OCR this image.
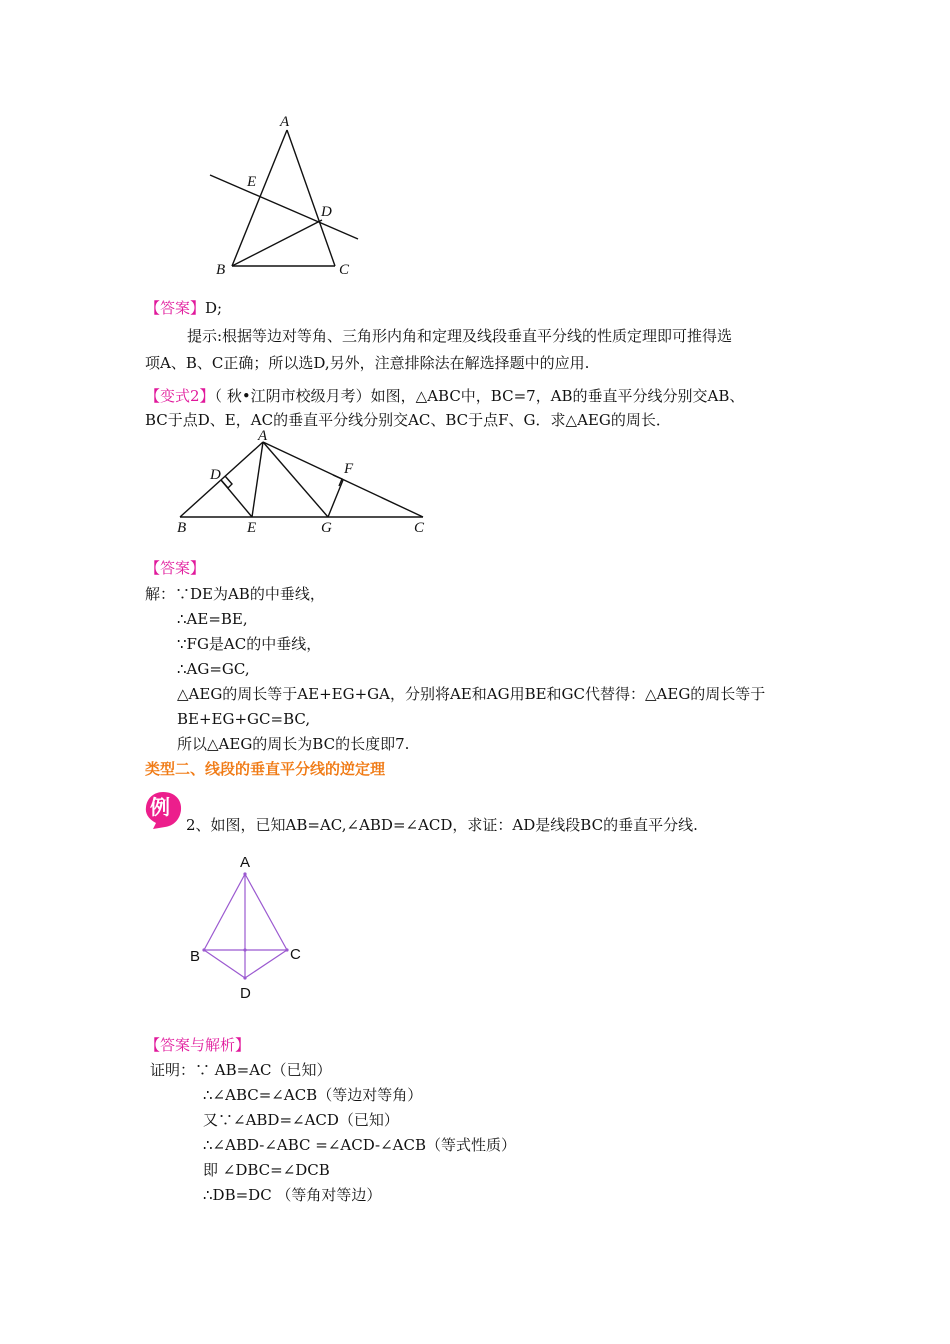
A
E
D
B	C
【答案】D;
提示:根据等边对等角、三角形内角和定理及线段垂直平分线的性质定理即可推得选
项A、B、C正确；所以选D,另外，注意排除法在解选择题中的应用.
【变式2】（ 秋•江阴市校级月考）如图，△ABC中，BC=7，AB的垂直平分线分别交AB、
BC于点D、E，AC的垂直平分线分别交AC、BC于点F、G．求△AEG的周长．
A
D	F
B	E	G	C
【答案】
解：∵DE为AB的中垂线，
∴AE=BE,
∵FG是AC的中垂线，
∴AG=GC,
△AEG的周长等于AE+EG+GA，分别将AE和AG用BE和GC代替得：△AEG的周长等于
BE+EG+GC=BC,
所以△AEG的周长为BC的长度即7.
类型二、线段的垂直平分线的逆定理
例
2、如图，已知AB=AC,∠ABD=∠ACD，求证：AD是线段BC的垂直平分线.
A
B	C
D
【答案与解析】
证明：∵ AB=AC（已知）
∴∠ABC=∠ACB（等边对等角）
又∵∠ABD=∠ACD（已知）
∴∠ABD-∠ABC =∠ACD-∠ACB（等式性质）
即 ∠DBC=∠DCB
∴DB=DC （等角对等边）
